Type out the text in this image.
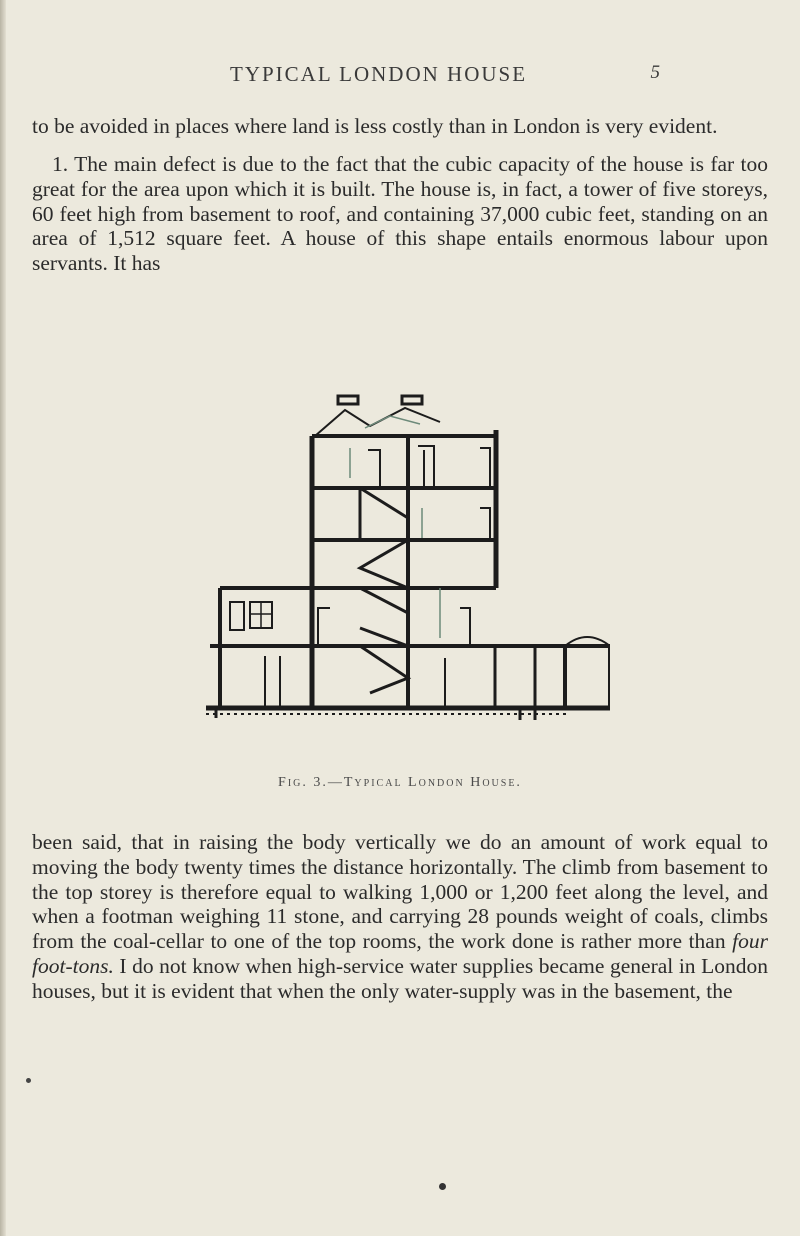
TYPICAL LONDON HOUSE	5

to be avoided in places where land is less costly than in London is very evident.

1. The main defect is due to the fact that the cubic capacity of the house is far too great for the area upon which it is built. The house is, in fact, a tower of five storeys, 60 feet high from basement to roof, and containing 37,000 cubic feet, standing on an area of 1,512 square feet. A house of this shape entails enormous labour upon servants. It has

Fig. 3.—Typical London House.

been said, that in raising the body vertically we do an amount of work equal to moving the body twenty times the distance horizontally. The climb from basement to the top storey is therefore equal to walking 1,000 or 1,200 feet along the level, and when a footman weighing 11 stone, and carrying 28 pounds weight of coals, climbs from the coal-cellar to one of the top rooms, the work done is rather more than four foot-tons. I do not know when high-service water supplies became general in London houses, but it is evident that when the only water-supply was in the basement, the
